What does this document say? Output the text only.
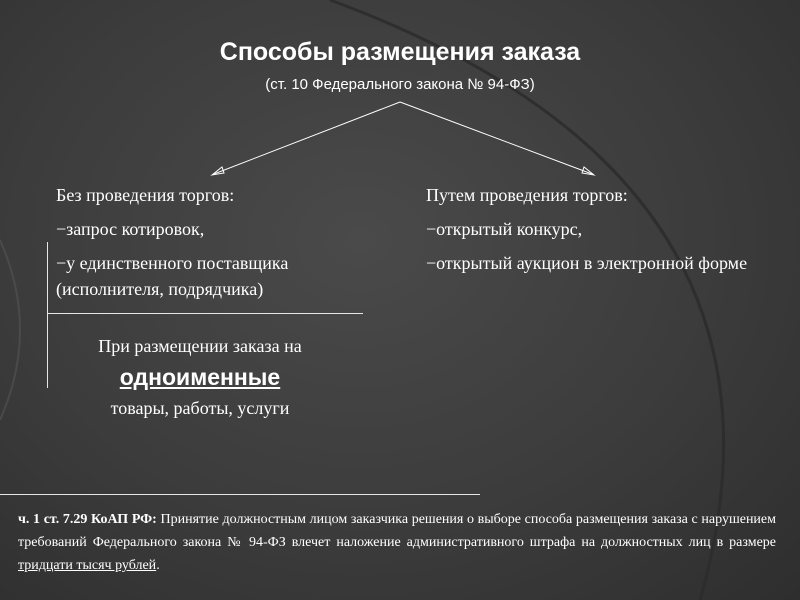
Способы размещения заказа
(ст. 10 Федерального закона № 94-ФЗ)

Без проведения торгов:

−запрос котировок,

−у единственного поставщика (исполнителя, подрядчика)

При размещении заказа на
одноименные
товары, работы, услуги

Путем проведения торгов:

−открытый конкурс,

−открытый аукцион в электронной форме

ч. 1 ст. 7.29 КоАП РФ: Принятие должностным лицом заказчика решения о выборе способа размещения заказа с нарушением требований Федерального закона № 94-ФЗ влечет наложение административного штрафа на должностных лиц в размере тридцати тысяч рублей.
